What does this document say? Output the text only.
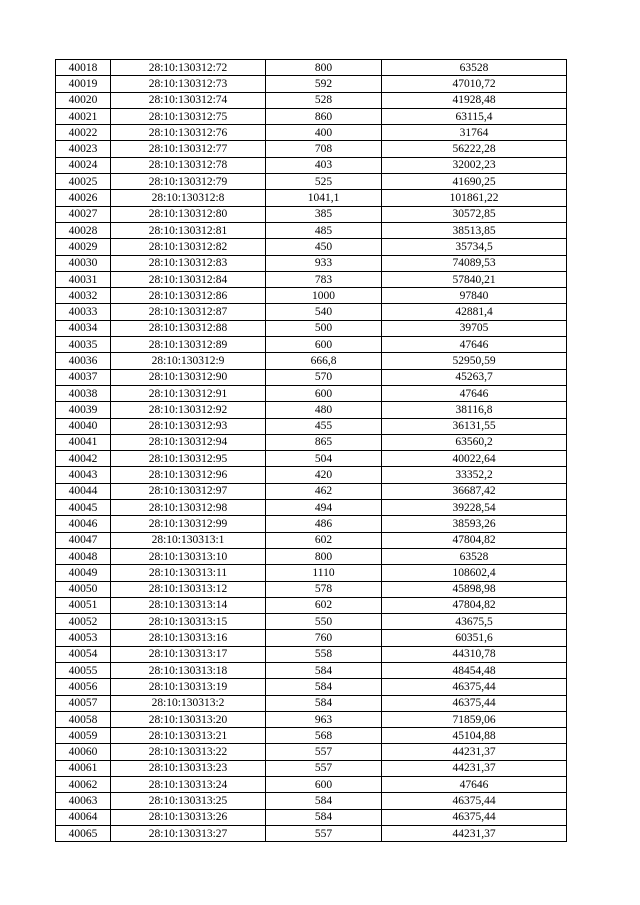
40018	28:10:130312:72	800	63528
40019	28:10:130312:73	592	47010,72
40020	28:10:130312:74	528	41928,48
40021	28:10:130312:75	860	63115,4
40022	28:10:130312:76	400	31764
40023	28:10:130312:77	708	56222,28
40024	28:10:130312:78	403	32002,23
40025	28:10:130312:79	525	41690,25
40026	28:10:130312:8	1041,1	101861,22
40027	28:10:130312:80	385	30572,85
40028	28:10:130312:81	485	38513,85
40029	28:10:130312:82	450	35734,5
40030	28:10:130312:83	933	74089,53
40031	28:10:130312:84	783	57840,21
40032	28:10:130312:86	1000	97840
40033	28:10:130312:87	540	42881,4
40034	28:10:130312:88	500	39705
40035	28:10:130312:89	600	47646
40036	28:10:130312:9	666,8	52950,59
40037	28:10:130312:90	570	45263,7
40038	28:10:130312:91	600	47646
40039	28:10:130312:92	480	38116,8
40040	28:10:130312:93	455	36131,55
40041	28:10:130312:94	865	63560,2
40042	28:10:130312:95	504	40022,64
40043	28:10:130312:96	420	33352,2
40044	28:10:130312:97	462	36687,42
40045	28:10:130312:98	494	39228,54
40046	28:10:130312:99	486	38593,26
40047	28:10:130313:1	602	47804,82
40048	28:10:130313:10	800	63528
40049	28:10:130313:11	1110	108602,4
40050	28:10:130313:12	578	45898,98
40051	28:10:130313:14	602	47804,82
40052	28:10:130313:15	550	43675,5
40053	28:10:130313:16	760	60351,6
40054	28:10:130313:17	558	44310,78
40055	28:10:130313:18	584	48454,48
40056	28:10:130313:19	584	46375,44
40057	28:10:130313:2	584	46375,44
40058	28:10:130313:20	963	71859,06
40059	28:10:130313:21	568	45104,88
40060	28:10:130313:22	557	44231,37
40061	28:10:130313:23	557	44231,37
40062	28:10:130313:24	600	47646
40063	28:10:130313:25	584	46375,44
40064	28:10:130313:26	584	46375,44
40065	28:10:130313:27	557	44231,37
